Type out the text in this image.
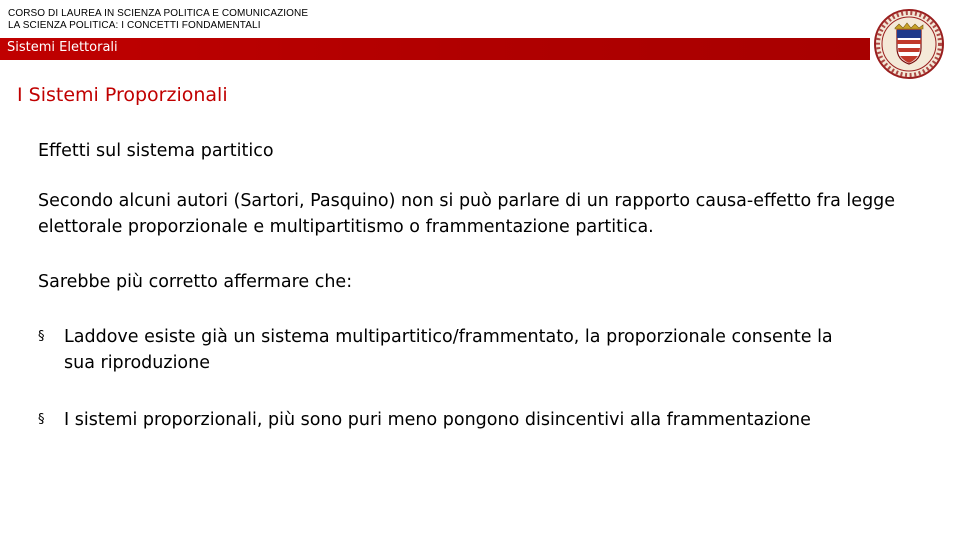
CORSO DI LAUREA IN SCIENZA POLITICA E COMUNICAZIONE
LA SCIENZA POLITICA: I CONCETTI FONDAMENTALI
Sistemi Elettorali
I Sistemi Proporzionali

Effetti sul sistema partitico

Secondo alcuni autori (Sartori, Pasquino) non si può parlare di un rapporto causa-effetto fra legge elettorale proporzionale e multipartitismo o frammentazione partitica.

Sarebbe più corretto affermare che:

§ Laddove esiste già un sistema multipartitico/frammentato, la proporzionale consente la sua riproduzione
§ I sistemi proporzionali, più sono puri meno pongono disincentivi alla frammentazione
